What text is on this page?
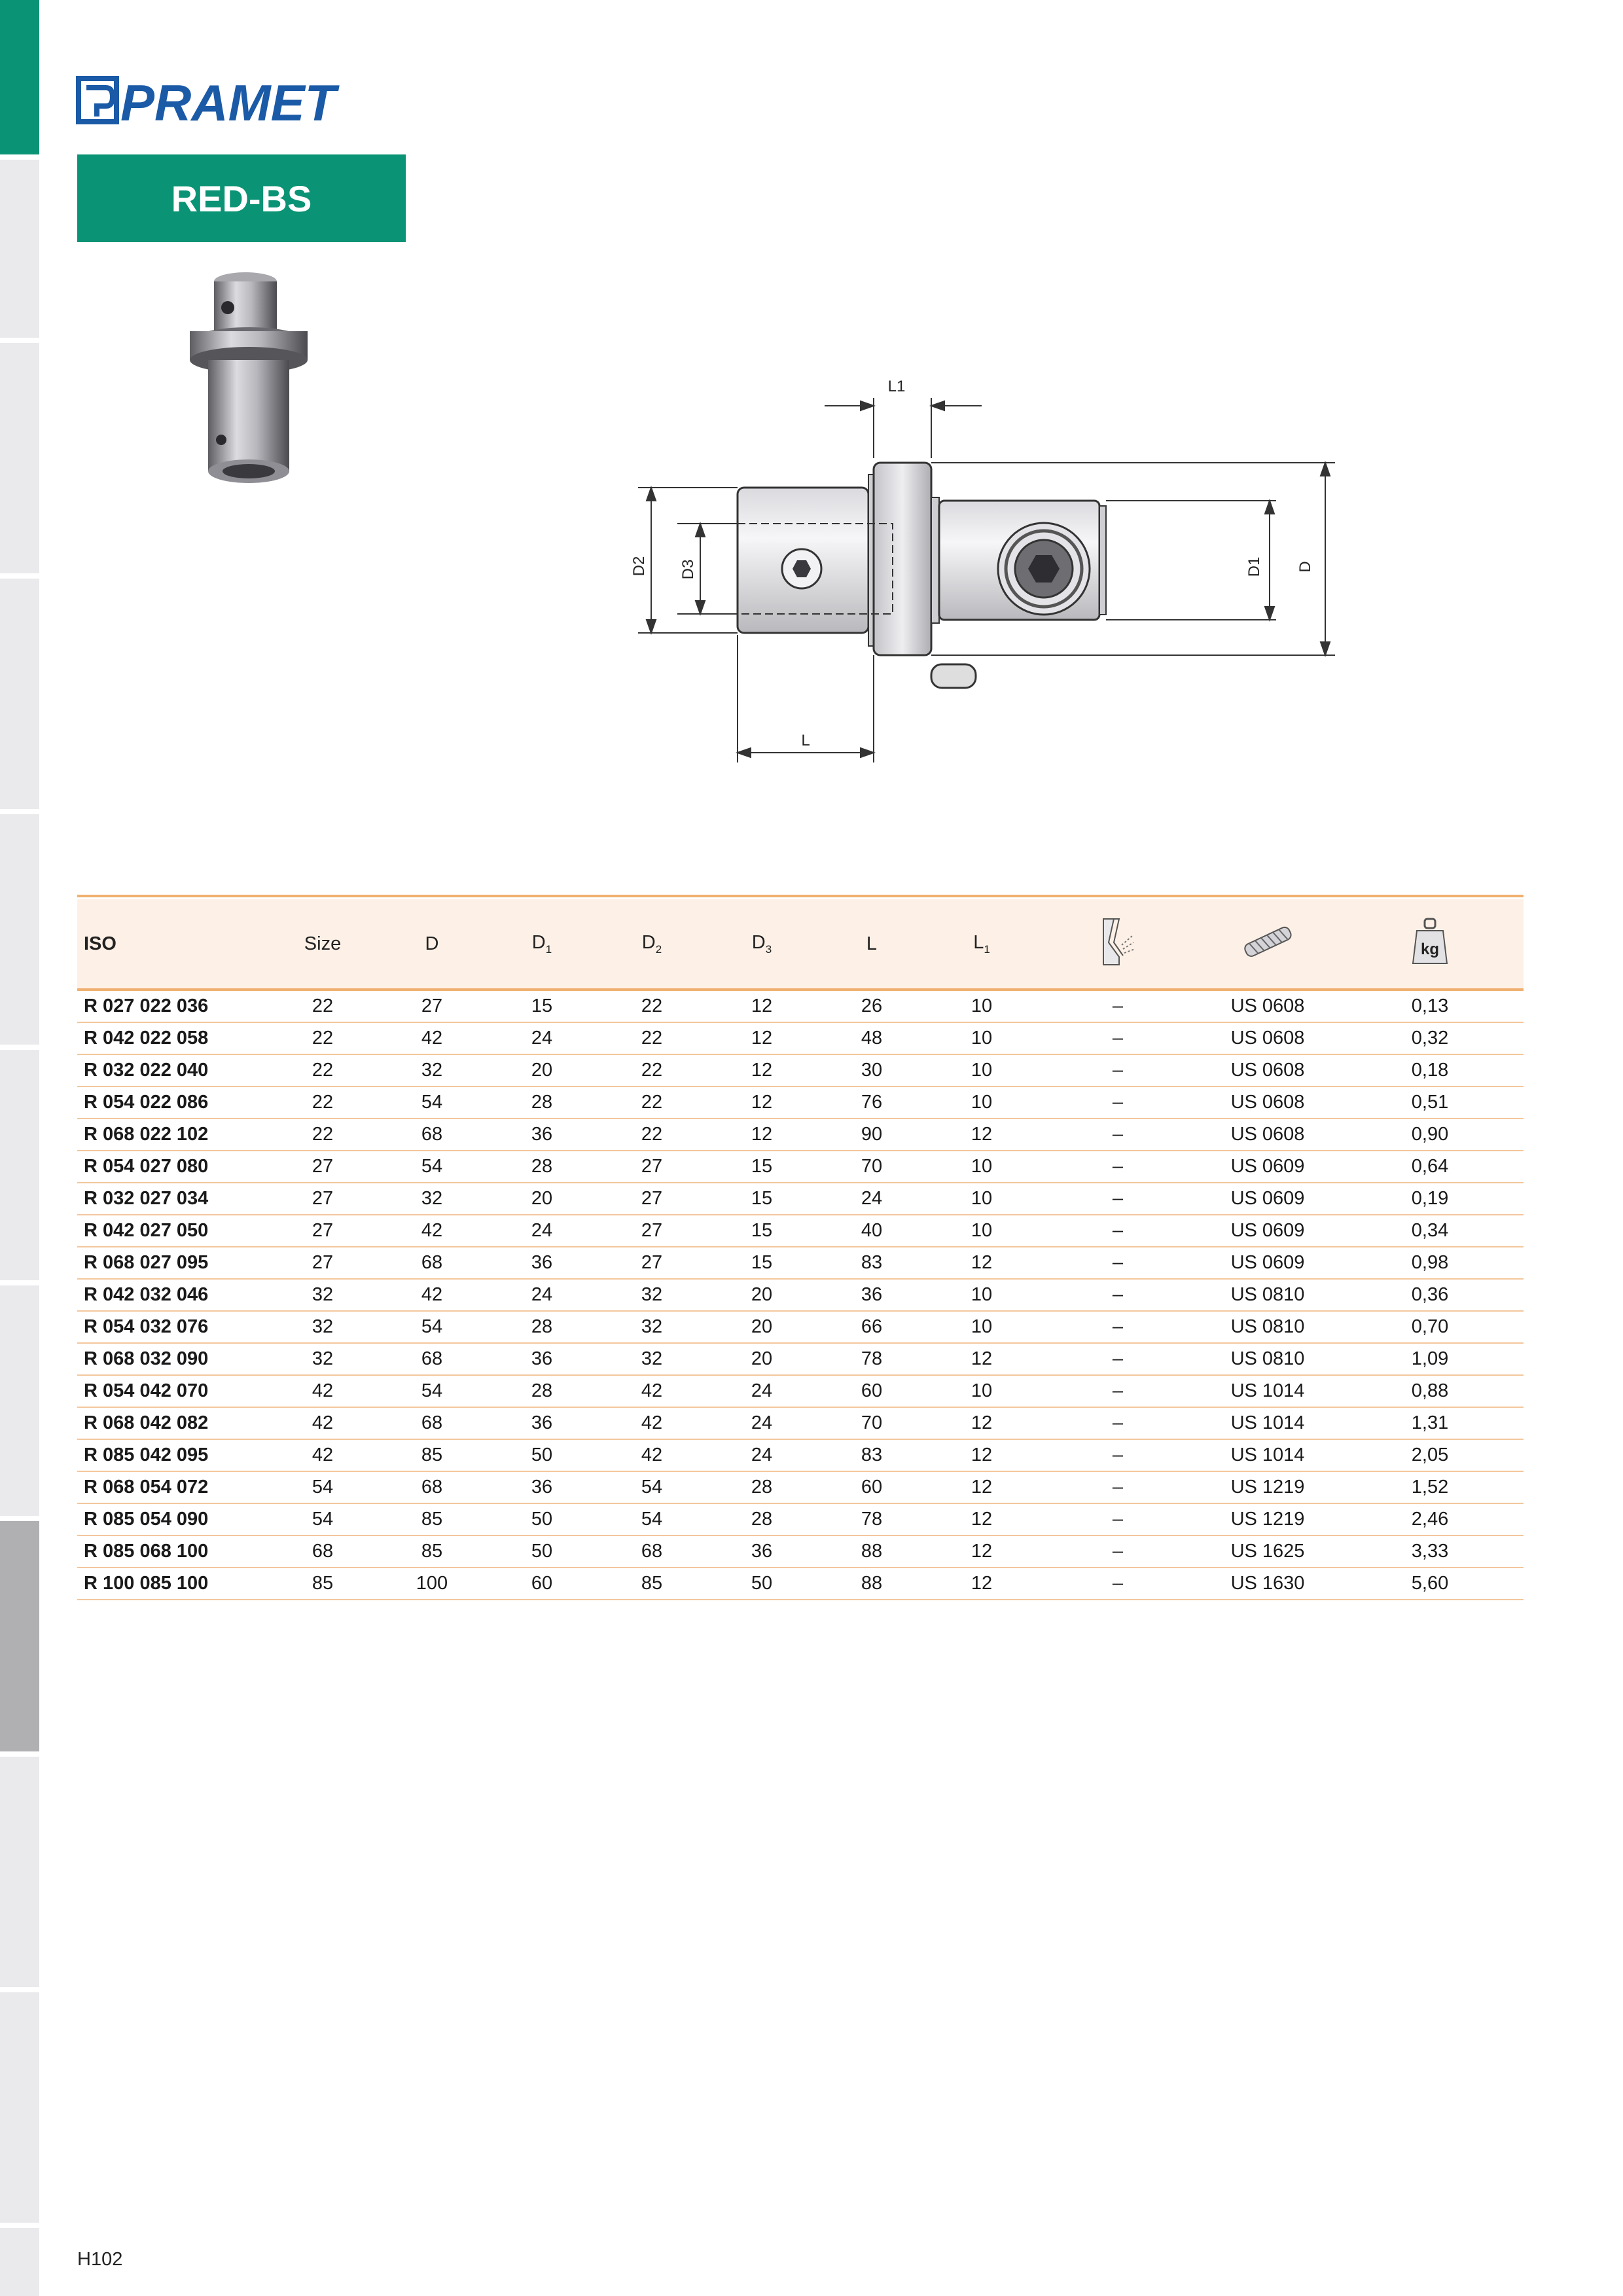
PRAMET
RED-BS
L1
D2 D3	D1 D
L
ISO	Size	D	$D_1$	$D_2$	$D_3$	L	$L_1$			kg

R 027 022 036	22	27	15	22	12	26	10	–	US 0608	0,13
R 042 022 058	22	42	24	22	12	48	10	–	US 0608	0,32
R 032 022 040	22	32	20	22	12	30	10	–	US 0608	0,18
R 054 022 086	22	54	28	22	12	76	10	–	US 0608	0,51
R 068 022 102	22	68	36	22	12	90	12	–	US 0608	0,90
R 054 027 080	27	54	28	27	15	70	10	–	US 0609	0,64
R 032 027 034	27	32	20	27	15	24	10	–	US 0609	0,19
R 042 027 050	27	42	24	27	15	40	10	–	US 0609	0,34
R 068 027 095	27	68	36	27	15	83	12	–	US 0609	0,98
R 042 032 046	32	42	24	32	20	36	10	–	US 0810	0,36
R 054 032 076	32	54	28	32	20	66	10	–	US 0810	0,70
R 068 032 090	32	68	36	32	20	78	12	–	US 0810	1,09
R 054 042 070	42	54	28	42	24	60	10	–	US 1014	0,88
R 068 042 082	42	68	36	42	24	70	12	–	US 1014	1,31
R 085 042 095	42	85	50	42	24	83	12	–	US 1014	2,05
R 068 054 072	54	68	36	54	28	60	12	–	US 1219	1,52
R 085 054 090	54	85	50	54	28	78	12	–	US 1219	2,46
R 085 068 100	68	85	50	68	36	88	12	–	US 1625	3,33
R 100 085 100	85	100	60	85	50	88	12	–	US 1630	5,60
H102
